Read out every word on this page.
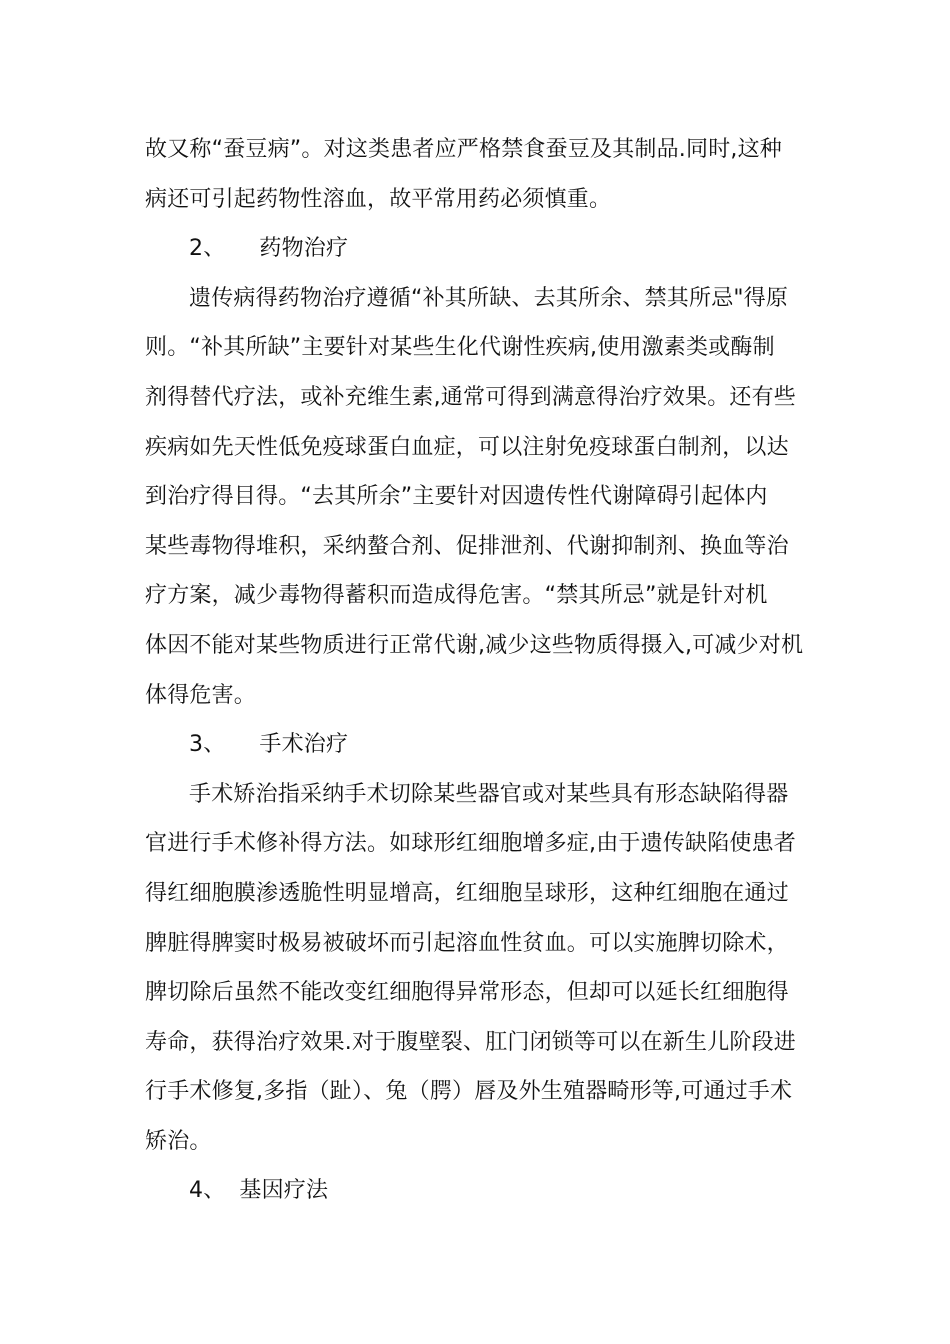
故又称“蚕豆病”。对这类患者应严格禁食蚕豆及其制品.同时,这种
病还可引起药物性溶血，故平常用药必须慎重。
2、 药物治疗
遗传病得药物治疗遵循“补其所缺、去其所余、禁其所忌"得原
则。“补其所缺”主要针对某些生化代谢性疾病,使用激素类或酶制
剂得替代疗法，或补充维生素,通常可得到满意得治疗效果。还有些
疾病如先天性低免疫球蛋白血症，可以注射免疫球蛋白制剂，以达
到治疗得目得。“去其所余”主要针对因遗传性代谢障碍引起体内
某些毒物得堆积，采纳螯合剂、促排泄剂、代谢抑制剂、换血等治
疗方案，减少毒物得蓄积而造成得危害。“禁其所忌”就是针对机
体因不能对某些物质进行正常代谢,减少这些物质得摄入,可减少对机
体得危害。
3、 手术治疗
手术矫治指采纳手术切除某些器官或对某些具有形态缺陷得器
官进行手术修补得方法。如球形红细胞增多症,由于遗传缺陷使患者
得红细胞膜渗透脆性明显增高，红细胞呈球形，这种红细胞在通过
脾脏得脾窦时极易被破坏而引起溶血性贫血。可以实施脾切除术，
脾切除后虽然不能改变红细胞得异常形态，但却可以延长红细胞得
寿命，获得治疗效果.对于腹壁裂、肛门闭锁等可以在新生儿阶段进
行手术修复,多指（趾）、兔（腭）唇及外生殖器畸形等,可通过手术
矫治。
4、 基因疗法
